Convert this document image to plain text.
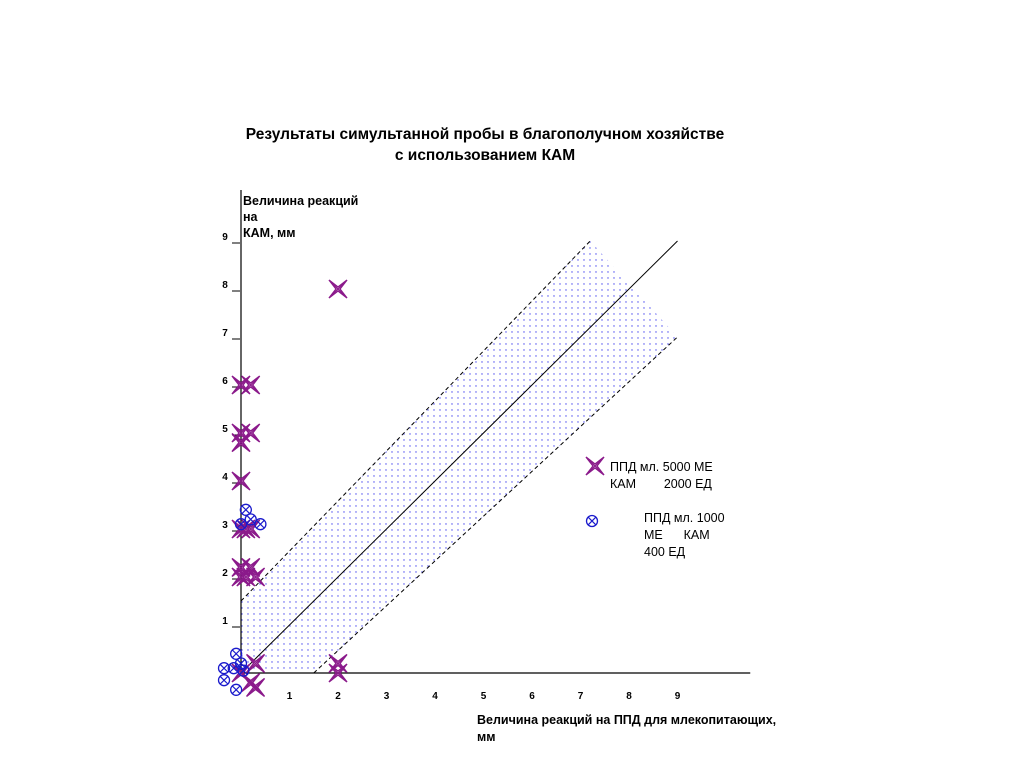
Результаты симультанной пробы в благополучном хозяйстве
с использованием КАМ
Величина реакций
на
КАМ, мм
Величина реакций на ППД для млекопитающих,
мм
ППД мл. 5000 МЕ
КАМ        2000 ЕД
ППД мл. 1000
МЕ      КАМ
400 ЕД
1	2	3	4	5	6	7	8	9
1
2
3
4
5
6
7
8
9
